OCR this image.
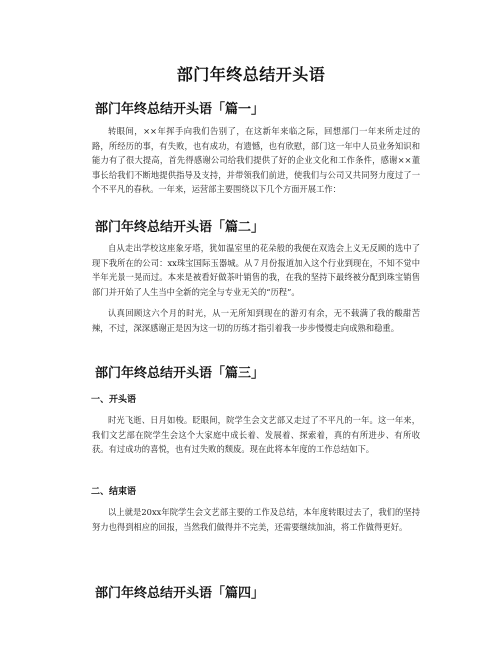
部门年终总结开头语
部门年终总结开头语「篇一」

转眼间，××年挥手向我们告别了，在这新年来临之际，回想部门一年来所走过的路，所经历的事，有失败，也有成功，有遗憾，也有欣慰，部门这一年中人员业务知识和能力有了很大提高，首先得感谢公司给我们提供了好的企业文化和工作条件，感谢××董事长给我们不断地提供指导及支持，并带领我们前进，使我们与公司又共同努力度过了一个不平凡的春秋。一年来，运营部主要围绕以下几个方面开展工作：

部门年终总结开头语「篇二」

自从走出学校这座象牙塔，犹如温室里的花朵般的我便在双选会上义无反顾的选中了现下我所在的公司：xx珠宝国际玉器城。从７月份报道加入这个行业到现在，不知不觉中半年光景一晃而过。本来是被看好做茶叶销售的我，在我的坚持下最终被分配到珠宝销售部门并开始了人生当中全新的完全与专业无关的“历程”。

认真回顾这六个月的时光，从一无所知到现在的游刃有余，无不载满了我的酸甜苦辣，不过，深深感谢正是因为这一切的历练才指引着我一步步慢慢走向成熟和稳重。

部门年终总结开头语「篇三」
一、开头语

时光飞逝、日月如梭。眨眼间，院学生会文艺部又走过了不平凡的一年。这一年来，我们文艺部在院学生会这个大家庭中成长着、发展着、探索着，真的有所进步、有所收获。有过成功的喜悦，也有过失败的颓废。现在此将本年度的工作总结如下。

二、结束语

以上就是20xx年院学生会文艺部主要的工作及总结，本年度转眼过去了，我们的坚持努力也得到相应的回报，当然我们做得并不完美，还需要继续加油，将工作做得更好。

部门年终总结开头语「篇四」
